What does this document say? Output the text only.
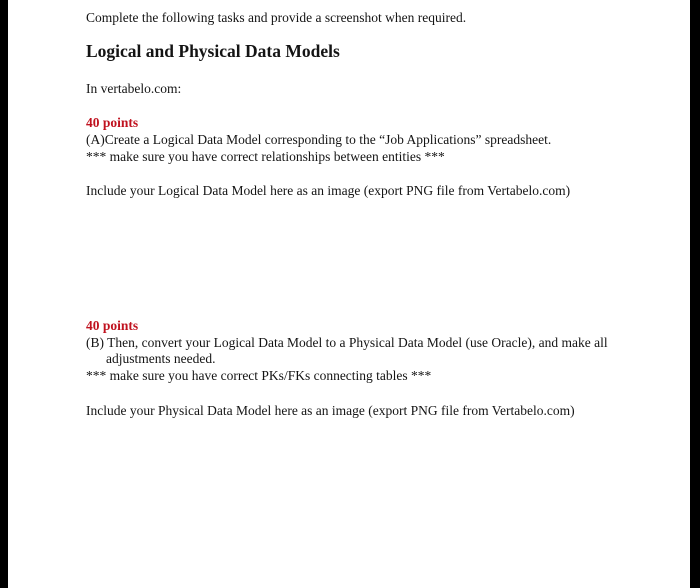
Complete the following tasks and provide a screenshot when required.
Logical and Physical Data Models
In vertabelo.com:
40 points
(A)Create a Logical Data Model corresponding to the “Job Applications” spreadsheet.
*** make sure you have correct relationships between entities ***
Include your Logical Data Model here as an image (export PNG file from Vertabelo.com)
40 points
(B) Then, convert your Logical Data Model to a Physical Data Model (use Oracle), and make all
adjustments needed.
*** make sure you have correct PKs/FKs connecting tables ***
Include your Physical Data Model here as an image (export PNG file from Vertabelo.com)
